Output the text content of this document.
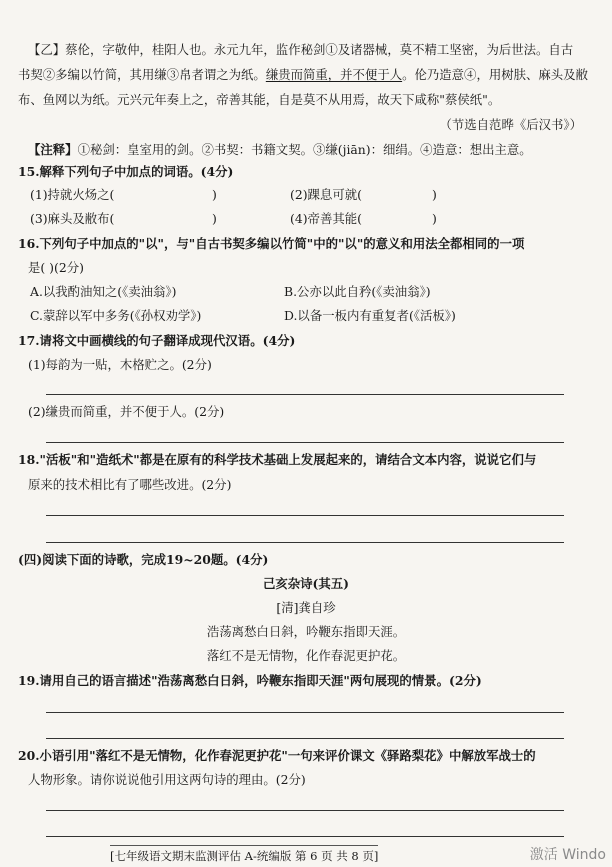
【乙】蔡伦，字敬仲，桂阳人也。永元九年，监作秘剑①及诸器械，莫不精工坚密，为后世法。自古
书契②多编以竹简，其用缣③帛者谓之为纸。缣贵而简重，并不便于人。伦乃造意④，用树肤、麻头及敝
布、鱼网以为纸。元兴元年奏上之，帝善其能，自是莫不从用焉，故天下咸称"蔡侯纸"。
（节选自范晔《后汉书》）
【注释】①秘剑：皇室用的剑。②书契：书籍文契。③缣(jiān)：细绢。④造意：想出主意。
15.解释下列句子中加点的词语。(4分)
(1)持就火炀之(	)	(2)踝息可就(	)
(3)麻头及敝布(	)	(4)帝善其能(	)
16.下列句子中加点的"以"，与"自古书契多编以竹简"中的"以"的意义和用法全都相同的一项
是( )(2分)
A.以我酌油知之(《卖油翁》)	B.公亦以此自矜(《卖油翁》)
C.蒙辞以军中多务(《孙权劝学》)	D.以备一板内有重复者(《活板》)
17.请将文中画横线的句子翻译成现代汉语。(4分)
(1)每韵为一贴，木格贮之。(2分)
(2)缣贵而简重，并不便于人。(2分)
18."活板"和"造纸术"都是在原有的科学技术基础上发展起来的，请结合文本内容，说说它们与
原来的技术相比有了哪些改进。(2分)
(四)阅读下面的诗歌，完成19~20题。(4分)
己亥杂诗(其五)
[清]龚自珍
浩荡离愁白日斜，吟鞭东指即天涯。
落红不是无情物，化作春泥更护花。
19.请用自己的语言描述"浩荡离愁白日斜，吟鞭东指即天涯"两句展现的情景。(2分)
20.小语引用"落红不是无情物，化作春泥更护花"一句来评价课文《驿路梨花》中解放军战士的
人物形象。请你说说他引用这两句诗的理由。(2分)
[七年级语文期末监测评估 A-统编版 第 6 页 共 8 页]	激活 Windo
